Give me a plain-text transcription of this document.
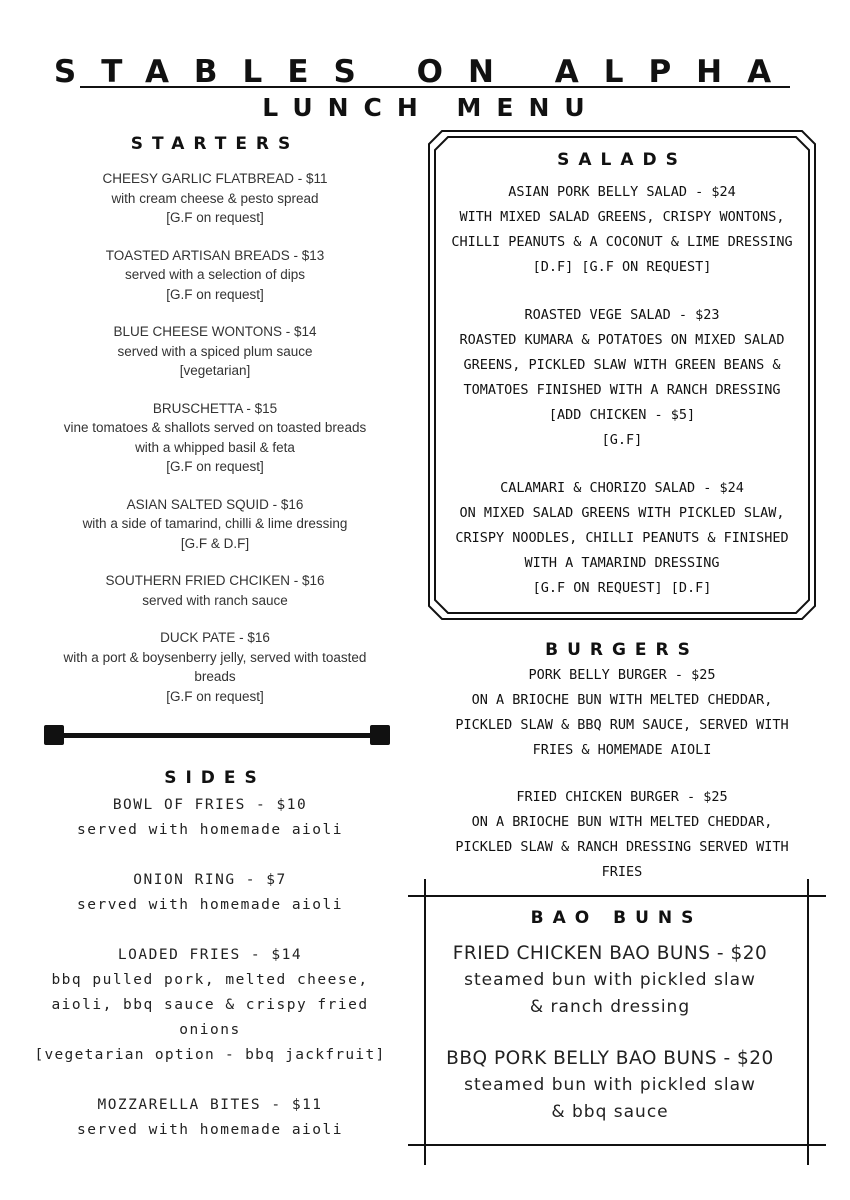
STABLES ON ALPHA
LUNCH MENU
STARTERS
CHEESY GARLIC FLATBREAD - $11
with cream cheese & pesto spread
[G.F on request]
TOASTED ARTISAN BREADS - $13
served with a selection of dips
[G.F on request]
BLUE CHEESE WONTONS - $14
served with a spiced plum sauce
[vegetarian]
BRUSCHETTA - $15
vine tomatoes & shallots served on toasted breads with a whipped basil & feta
[G.F on request]
ASIAN SALTED SQUID - $16
with a side of tamarind, chilli & lime dressing
[G.F & D.F]
SOUTHERN FRIED CHCIKEN - $16
served with ranch sauce
DUCK PATE - $16
with a port & boysenberry jelly, served with toasted breads
[G.F on request]
SIDES
BOWL OF FRIES - $10
served with homemade aioli
ONION RING - $7
served with homemade aioli
LOADED FRIES - $14
bbq pulled pork, melted cheese, aioli, bbq sauce & crispy fried onions
[vegetarian option - bbq jackfruit]
MOZZARELLA BITES - $11
served with homemade aioli
SALADS
ASIAN PORK BELLY SALAD - $24
WITH MIXED SALAD GREENS, CRISPY WONTONS, CHILLI PEANUTS & A COCONUT & LIME DRESSING
[D.F] [G.F ON REQUEST]
ROASTED VEGE SALAD - $23
ROASTED KUMARA & POTATOES ON MIXED SALAD GREENS, PICKLED SLAW WITH GREEN BEANS & TOMATOES FINISHED WITH A RANCH DRESSING
[ADD CHICKEN - $5]
[G.F]
CALAMARI & CHORIZO SALAD - $24
ON MIXED SALAD GREENS WITH PICKLED SLAW, CRISPY NOODLES, CHILLI PEANUTS & FINISHED WITH A TAMARIND DRESSING
[G.F ON REQUEST] [D.F]
BURGERS
PORK BELLY BURGER - $25
ON A BRIOCHE BUN WITH MELTED CHEDDAR, PICKLED SLAW & BBQ RUM SAUCE, SERVED WITH FRIES & HOMEMADE AIOLI
FRIED CHICKEN BURGER - $25
ON A BRIOCHE BUN WITH MELTED CHEDDAR, PICKLED SLAW & RANCH DRESSING SERVED WITH FRIES
BAO BUNS
FRIED CHICKEN BAO BUNS - $20
steamed bun with pickled slaw & ranch dressing
BBQ PORK BELLY BAO BUNS - $20
steamed bun with pickled slaw & bbq sauce
